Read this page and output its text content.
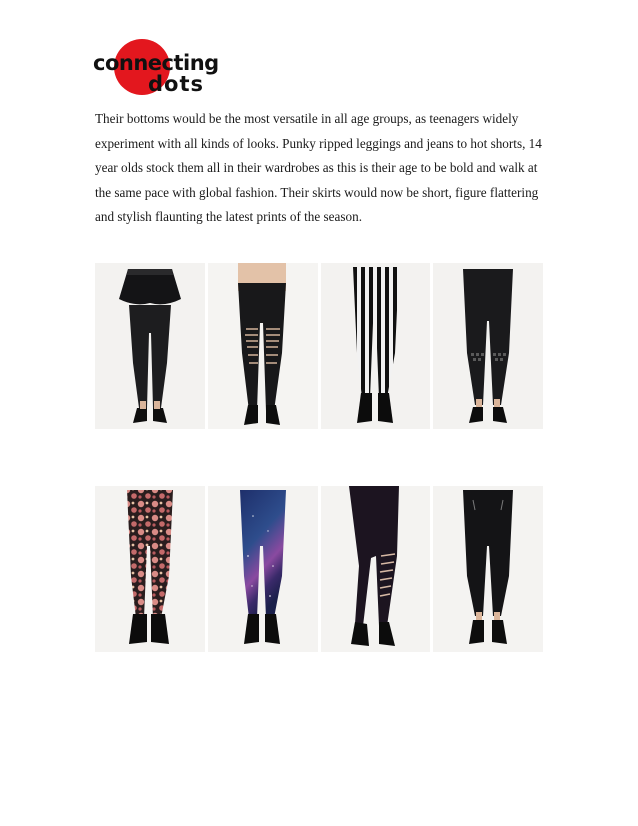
connecting
dots

Their bottoms would be the most versatile in all age groups, as teenagers widely experiment with all kinds of looks. Punky ripped leggings and jeans to hot shorts, 14 year olds stock them all in their wardrobes as this is their age to be bold and walk at the same pace with global fashion. Their skirts would now be short, figure flattering and stylish flaunting the latest prints of the season.
